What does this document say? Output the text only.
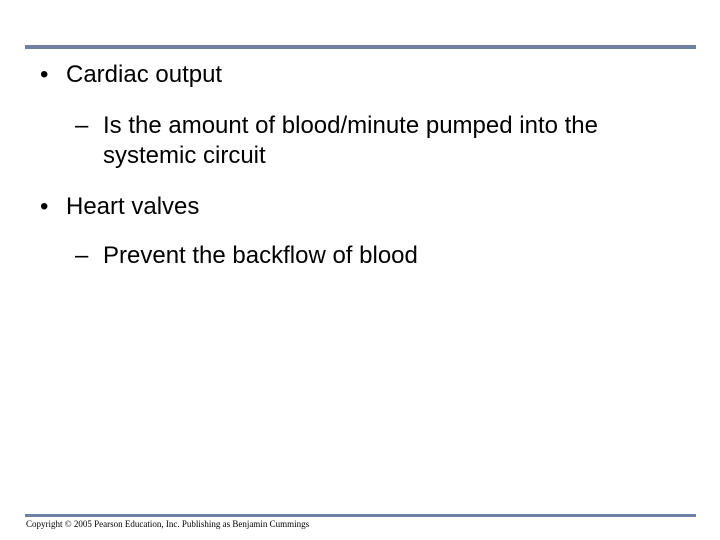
• Cardiac output
– Is the amount of blood/minute pumped into the systemic circuit
• Heart valves
– Prevent the backflow of blood
Copyright © 2005 Pearson Education, Inc. Publishing as Benjamin Cummings
